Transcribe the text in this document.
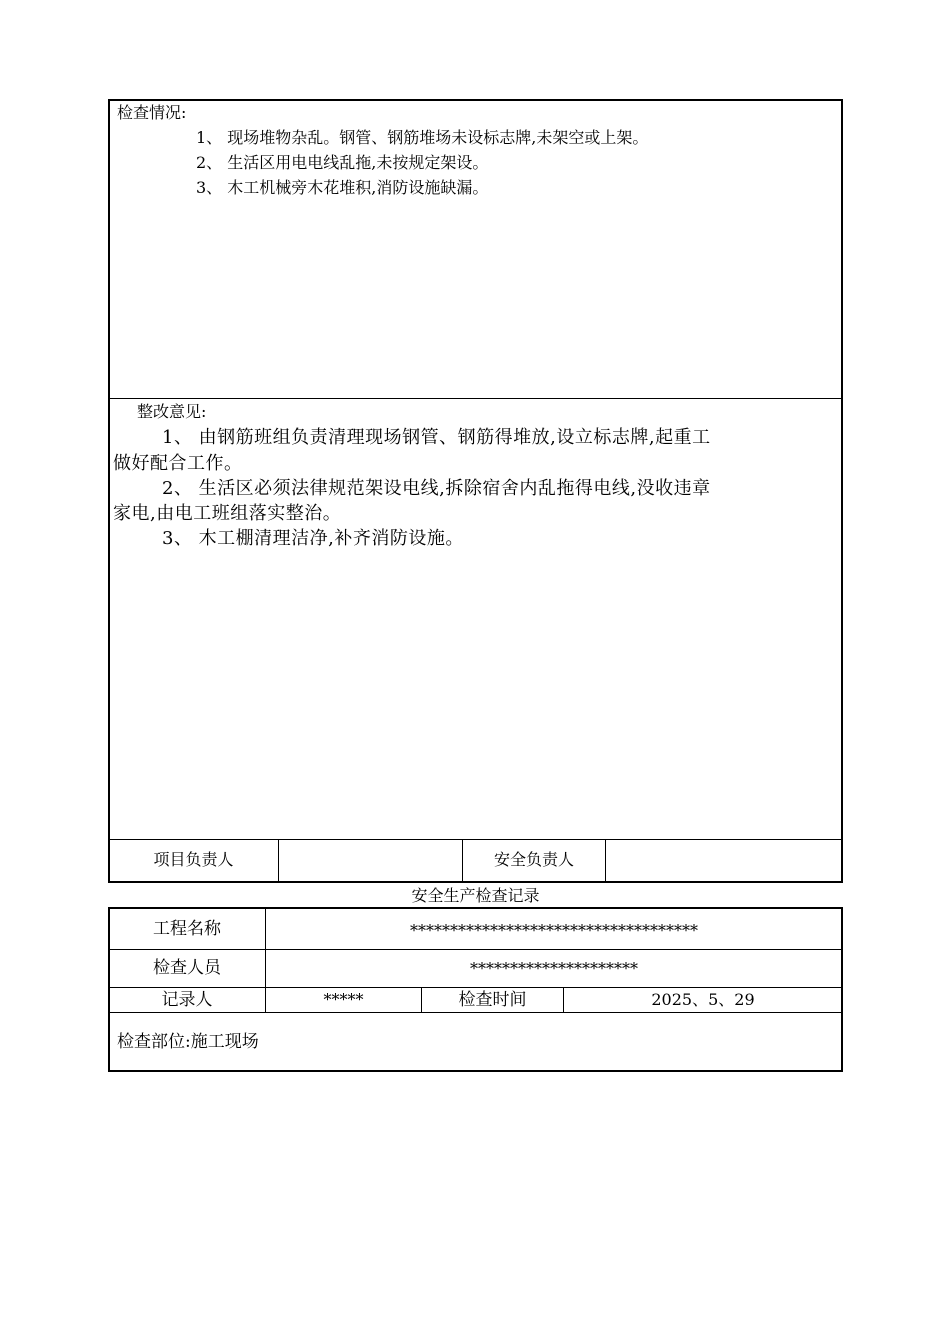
检查情况:
1、 现场堆物杂乱。钢管、钢筋堆场未设标志牌,未架空或上架。
2、 生活区用电电线乱拖,未按规定架设。
3、 木工机械旁木花堆积,消防设施缺漏。
整改意见:
1、 由钢筋班组负责清理现场钢管、钢筋得堆放,设立标志牌,起重工
做好配合工作。
2、 生活区必须法律规范架设电线,拆除宿舍内乱拖得电线,没收违章
家电,由电工班组落实整治。
3、 木工棚清理洁净,补齐消防设施。
项目负责人	安全负责人
安全生产检查记录
工程名称	************************************
检查人员	*********************
记录人	*****	检查时间	2025、5、29
检查部位:施工现场
